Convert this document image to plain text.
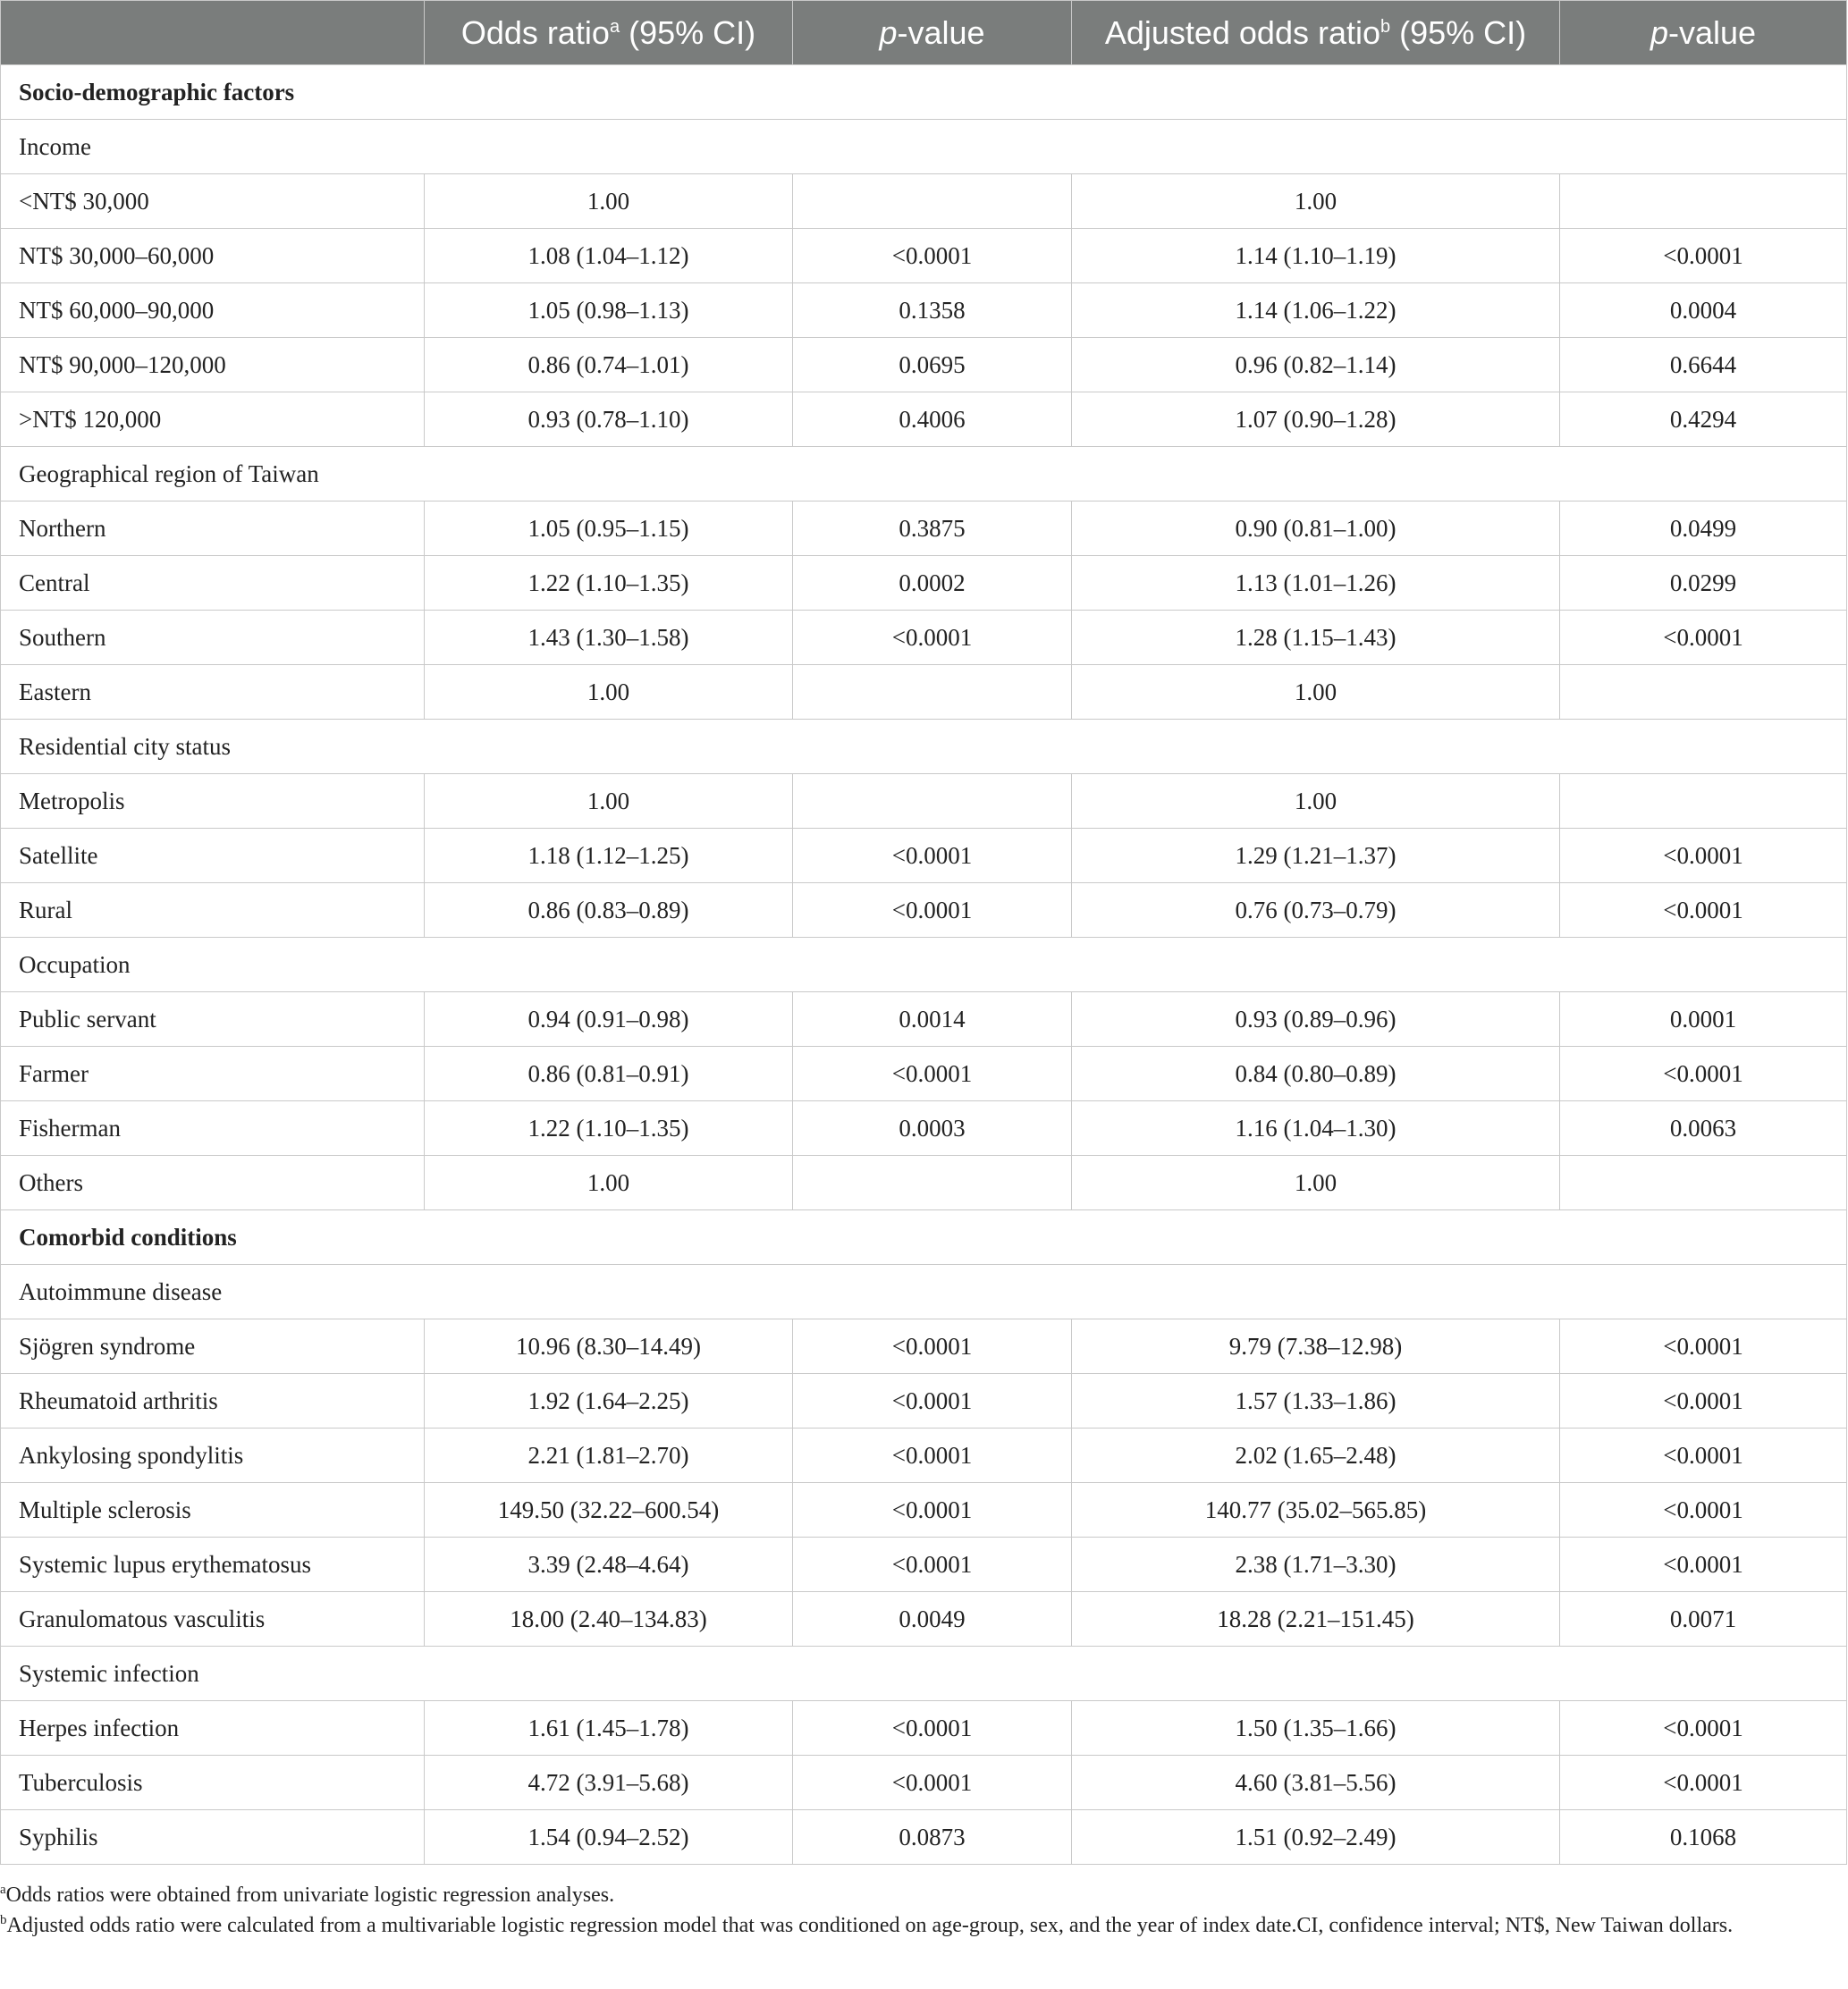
	Odds ratio$^a$ (95% CI)	p-value	Adjusted odds ratio$^b$ (95% CI)	p-value
Socio-demographic factors				
Income				
<NT$ 30,000	1.00		1.00	
NT$ 30,000–60,000	1.08 (1.04–1.12)	<0.0001	1.14 (1.10–1.19)	<0.0001
NT$ 60,000–90,000	1.05 (0.98–1.13)	0.1358	1.14 (1.06–1.22)	0.0004
NT$ 90,000–120,000	0.86 (0.74–1.01)	0.0695	0.96 (0.82–1.14)	0.6644
>NT$ 120,000	0.93 (0.78–1.10)	0.4006	1.07 (0.90–1.28)	0.4294
Geographical region of Taiwan				
Northern	1.05 (0.95–1.15)	0.3875	0.90 (0.81–1.00)	0.0499
Central	1.22 (1.10–1.35)	0.0002	1.13 (1.01–1.26)	0.0299
Southern	1.43 (1.30–1.58)	<0.0001	1.28 (1.15–1.43)	<0.0001
Eastern	1.00		1.00	
Residential city status				
Metropolis	1.00		1.00	
Satellite	1.18 (1.12–1.25)	<0.0001	1.29 (1.21–1.37)	<0.0001
Rural	0.86 (0.83–0.89)	<0.0001	0.76 (0.73–0.79)	<0.0001
Occupation				
Public servant	0.94 (0.91–0.98)	0.0014	0.93 (0.89–0.96)	0.0001
Farmer	0.86 (0.81–0.91)	<0.0001	0.84 (0.80–0.89)	<0.0001
Fisherman	1.22 (1.10–1.35)	0.0003	1.16 (1.04–1.30)	0.0063
Others	1.00		1.00	
Comorbid conditions				
Autoimmune disease				
Sjögren syndrome	10.96 (8.30–14.49)	<0.0001	9.79 (7.38–12.98)	<0.0001
Rheumatoid arthritis	1.92 (1.64–2.25)	<0.0001	1.57 (1.33–1.86)	<0.0001
Ankylosing spondylitis	2.21 (1.81–2.70)	<0.0001	2.02 (1.65–2.48)	<0.0001
Multiple sclerosis	149.50 (32.22–600.54)	<0.0001	140.77 (35.02–565.85)	<0.0001
Systemic lupus erythematosus	3.39 (2.48–4.64)	<0.0001	2.38 (1.71–3.30)	<0.0001
Granulomatous vasculitis	18.00 (2.40–134.83)	0.0049	18.28 (2.21–151.45)	0.0071
Systemic infection				
Herpes infection	1.61 (1.45–1.78)	<0.0001	1.50 (1.35–1.66)	<0.0001
Tuberculosis	4.72 (3.91–5.68)	<0.0001	4.60 (3.81–5.56)	<0.0001
Syphilis	1.54 (0.94–2.52)	0.0873	1.51 (0.92–2.49)	0.1068

$^a$Odds ratios were obtained from univariate logistic regression analyses.

$^b$Adjusted odds ratio were calculated from a multivariable logistic regression model that was conditioned on age-group, sex, and the year of index date.CI, confidence interval; NT$, New Taiwan dollars.
